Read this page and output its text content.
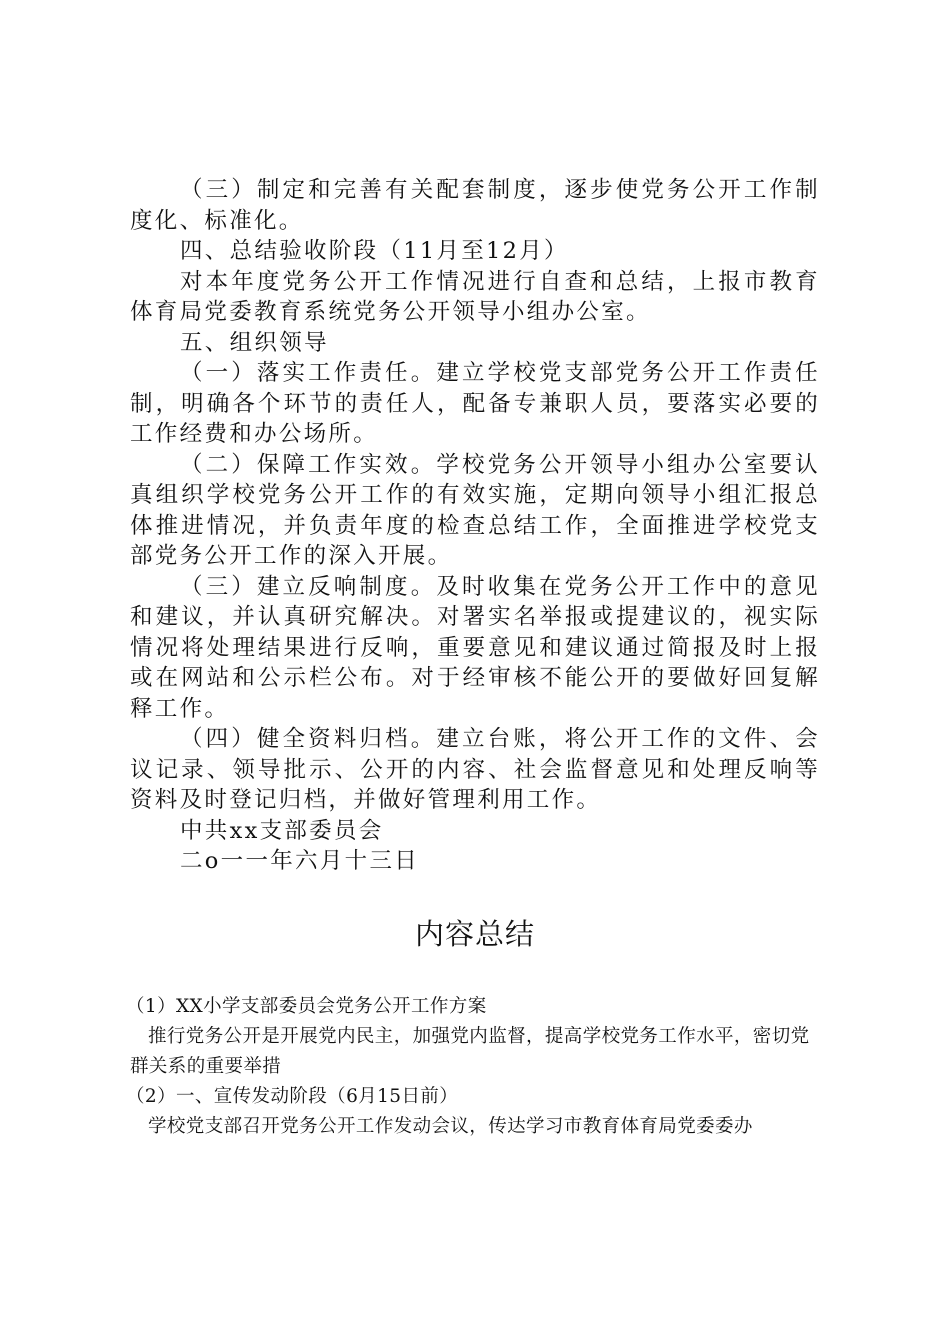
（三）制定和完善有关配套制度，逐步使党务公开工作制度化、标准化。

四、总结验收阶段（11月至12月）

对本年度党务公开工作情况进行自查和总结，上报市教育体育局党委教育系统党务公开领导小组办公室。

五、组织领导

（一）落实工作责任。建立学校党支部党务公开工作责任制，明确各个环节的责任人，配备专兼职人员，要落实必要的工作经费和办公场所。

（二）保障工作实效。学校党务公开领导小组办公室要认真组织学校党务公开工作的有效实施，定期向领导小组汇报总体推进情况，并负责年度的检查总结工作，全面推进学校党支部党务公开工作的深入开展。

（三）建立反响制度。及时收集在党务公开工作中的意见和建议，并认真研究解决。对署实名举报或提建议的，视实际情况将处理结果进行反响，重要意见和建议通过简报及时上报或在网站和公示栏公布。对于经审核不能公开的要做好回复解释工作。

（四）健全资料归档。建立台账，将公开工作的文件、会议记录、领导批示、公开的内容、社会监督意见和处理反响等资料及时登记归档，并做好管理利用工作。

中共xx支部委员会

二o一一年六月十三日

内容总结

（1）XX小学支部委员会党务公开工作方案

推行党务公开是开展党内民主，加强党内监督，提高学校党务工作水平，密切党群关系的重要举措

（2）一、宣传发动阶段（6月15日前）

学校党支部召开党务公开工作发动会议，传达学习市教育体育局党委委办
